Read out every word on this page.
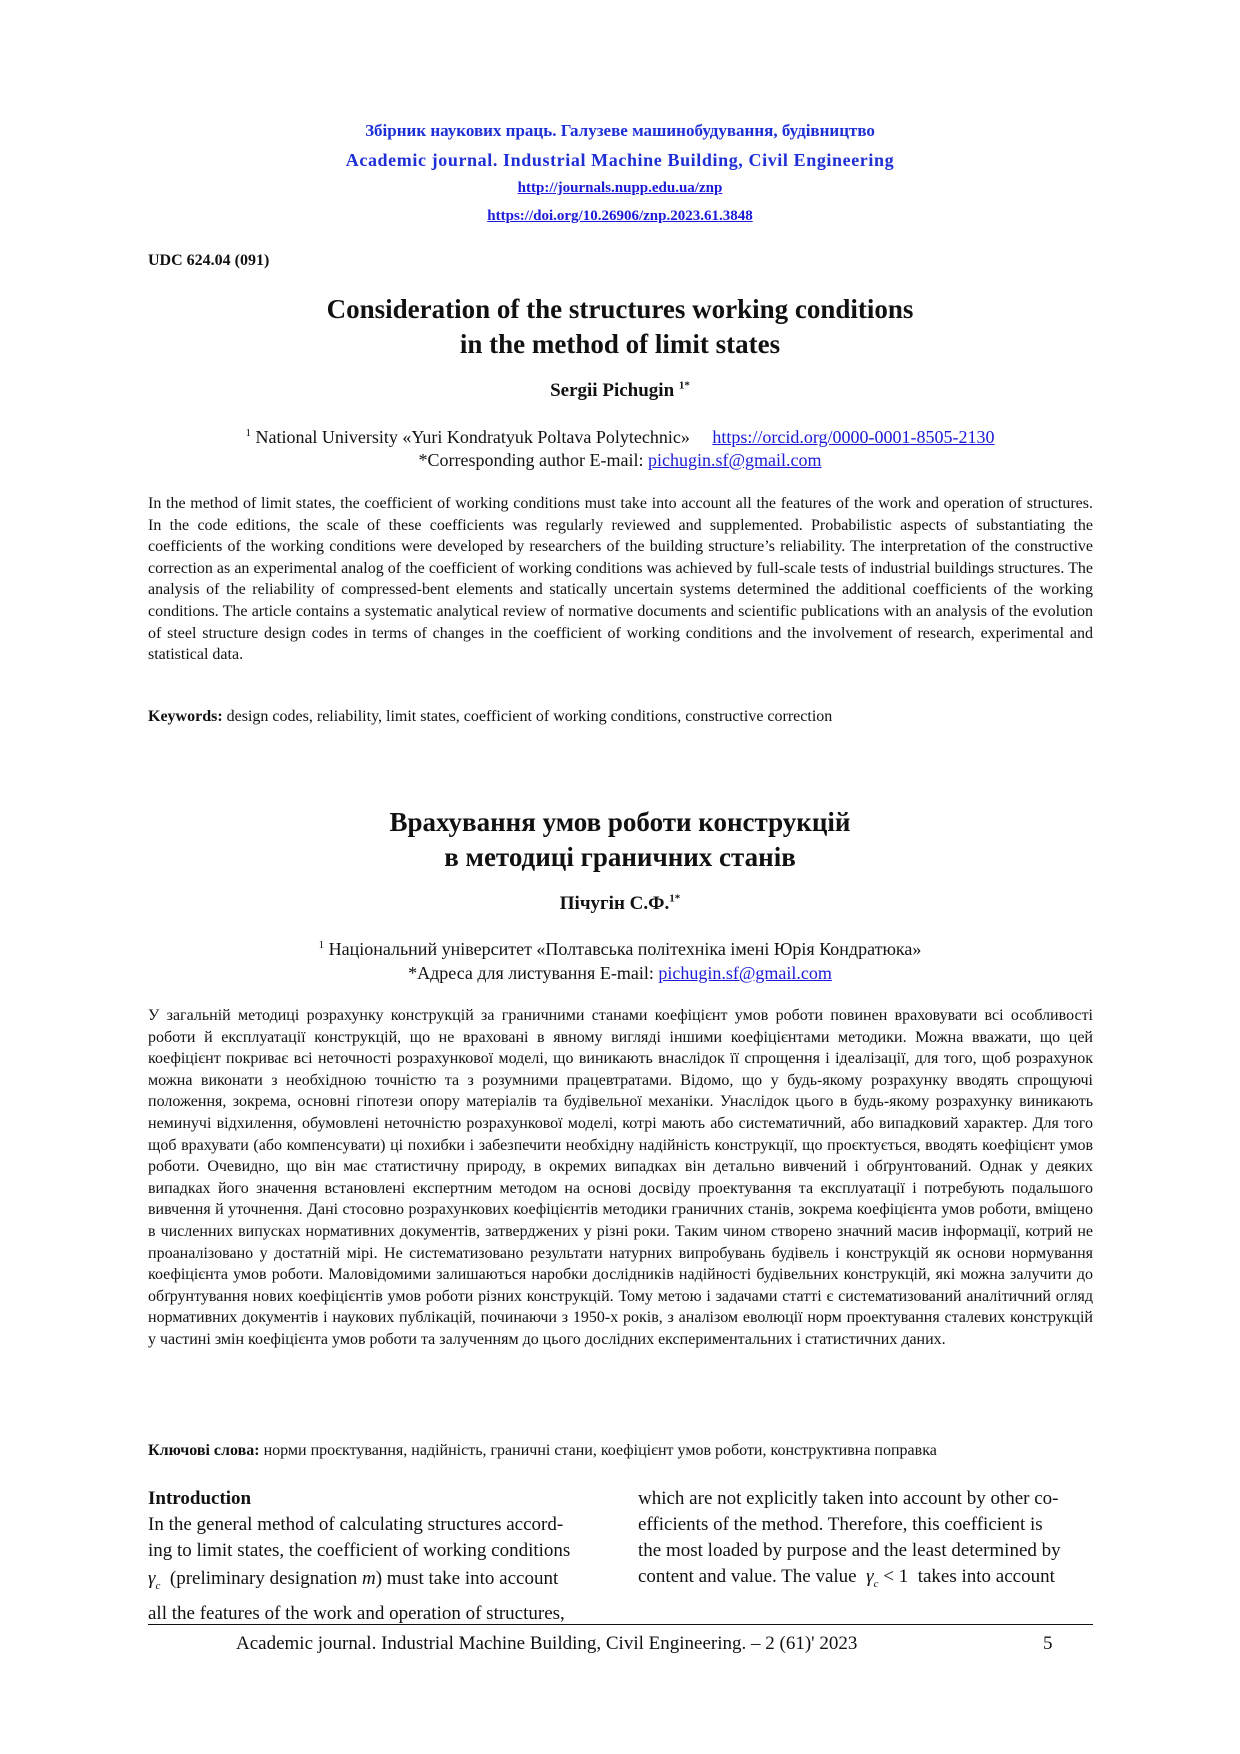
Збірник наукових праць. Галузеве машинобудування, будівництво
Academic journal. Industrial Machine Building, Civil Engineering
http://journals.nupp.edu.ua/znp
https://doi.org/10.26906/znp.2023.61.3848
UDC 624.04 (091)
Consideration of the structures working conditions
in the method of limit states
Sergii Pichugin $^{1*}$
$^1$ National University «Yuri Kondratyuk Poltava Polytechnic» https://orcid.org/0000-0001-8505-2130
*Corresponding author E-mail: pichugin.sf@gmail.com
In the method of limit states, the coefficient of working conditions must take into account all the features of the work and operation of structures. In the code editions, the scale of these coefficients was regularly reviewed and supplemented. Probabilistic aspects of substantiating the coefficients of the working conditions were developed by researchers of the building structure’s reliability. The interpretation of the constructive correction as an experimental analog of the coefficient of working conditions was achieved by full-scale tests of industrial buildings structures. The analysis of the reliability of compressed-bent elements and statically uncertain systems determined the additional coefficients of the working conditions. The article contains a systematic analytical review of normative documents and scientific publications with an analysis of the evolution of steel structure design codes in terms of changes in the coefficient of working conditions and the involvement of research, experimental and statistical data.
Keywords: design codes, reliability, limit states, coefficient of working conditions, constructive correction
Врахування умов роботи конструкцій
в методиці граничних станів
Пічугін С.Ф.$^{1*}$
$^1$ Національний університет «Полтавська політехніка імені Юрія Кондратюка»
*Адреса для листування E-mail: pichugin.sf@gmail.com
У загальній методиці розрахунку конструкцій за граничними станами коефіцієнт умов роботи повинен враховувати всі особливості роботи й експлуатації конструкцій, що не враховані в явному вигляді іншими коефіцієнтами методики. Можна вважати, що цей коефіцієнт покриває всі неточності розрахункової моделі, що виникають внаслідок її спрощення і ідеалізації, для того, щоб розрахунок можна виконати з необхідною точністю та з розумними працевтратами. Відомо, що у будь-якому розрахунку вводять спрощуючі положення, зокрема, основні гіпотези опору матеріалів та будівельної механіки. Унаслідок цього в будь-якому розрахунку виникають неминучі відхилення, обумовлені неточністю розрахункової моделі, котрі мають або систематичний, або випадковий характер. Для того щоб врахувати (або компенсувати) ці похибки і забезпечити необхідну надійність конструкції, що проєктується, вводять коефіцієнт умов роботи. Очевидно, що він має статистичну природу, в окремих випадках він детально вивчений і обґрунтований. Однак у деяких випадках його значення встановлені експертним методом на основі досвіду проектування та експлуатації і потребують подальшого вивчення й уточнення. Дані стосовно розрахункових коефіцієнтів методики граничних станів, зокрема коефіцієнта умов роботи, вміщено в численних випусках нормативних документів, затверджених у різні роки. Таким чином створено значний масив інформації, котрий не проаналізовано у достатній мірі. Не систематизовано результати натурних випробувань будівель і конструкцій як основи нормування коефіцієнта умов роботи. Маловідомими залишаються наробки дослідників надійності будівельних конструкцій, які можна залучити до обґрунтування нових коефіцієнтів умов роботи різних конструкцій. Тому метою і задачами статті є систематизований аналітичний огляд нормативних документів і наукових публікацій, починаючи з 1950-х років, з аналізом еволюції норм проектування сталевих конструкцій у частині змін коефіцієнта умов роботи та залученням до цього дослідних експериментальних і статистичних даних.
Ключові слова: норми проєктування, надійність, граничні стани, коефіцієнт умов роботи, конструктивна поправка
Introduction
In the general method of calculating structures accord-
ing to limit states, the coefficient of working conditions
$\gamma_c$ (preliminary designation m) must take into account
all the features of the work and operation of structures,
which are not explicitly taken into account by other co-
efficients of the method. Therefore, this coefficient is
the most loaded by purpose and the least determined by
content and value. The value $\gamma_c < 1$ takes into account
Academic journal. Industrial Machine Building, Civil Engineering. – 2 (61)' 2023	5
